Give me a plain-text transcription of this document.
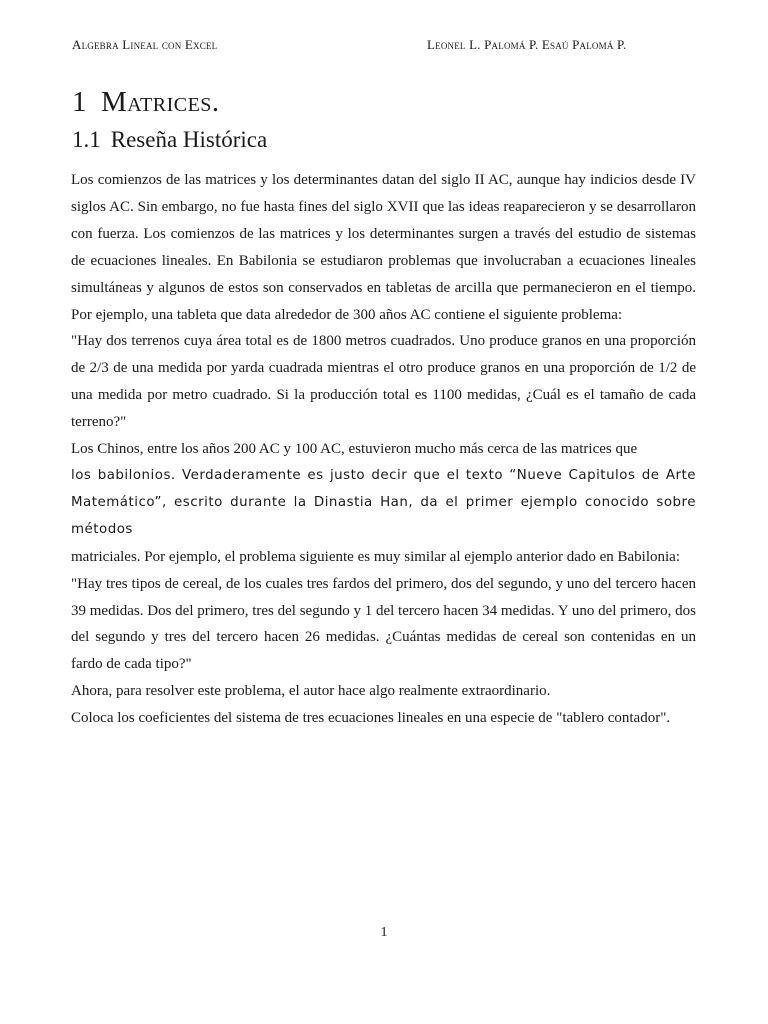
Algebra Lineal con Excel	Leonel L. Palomá P. Esaú Palomá P.
1 Matrices.
1.1 Reseña Histórica

Los comienzos de las matrices y los determinantes datan del siglo II AC, aunque hay indicios desde IV siglos AC. Sin embargo, no fue hasta fines del siglo XVII que las ideas reaparecieron y se desarrollaron con fuerza. Los comienzos de las matrices y los determinantes surgen a través del estudio de sistemas de ecuaciones lineales. En Babilonia se estudiaron problemas que involucraban a ecuaciones lineales simultáneas y algunos de estos son conservados en tabletas de arcilla que permanecieron en el tiempo. Por ejemplo, una tableta que data alrededor de 300 años AC contiene el siguiente problema:

"Hay dos terrenos cuya área total es de 1800 metros cuadrados. Uno produce granos en una proporción de 2/3 de una medida por yarda cuadrada mientras el otro produce granos en una proporción de 1/2 de una medida por metro cuadrado. Si la producción total es 1100 medidas, ¿Cuál es el tamaño de cada terreno?"

Los Chinos, entre los años 200 AC y 100 AC, estuvieron mucho más cerca de las matrices que

los babilonios. Verdaderamente es justo decir que el texto “Nueve Capitulos de Arte Matemático”, escrito durante la Dinastia Han, da el primer ejemplo conocido sobre métodos

matriciales. Por ejemplo, el problema siguiente es muy similar al ejemplo anterior dado en Babilonia:

"Hay tres tipos de cereal, de los cuales tres fardos del primero, dos del segundo, y uno del tercero hacen 39 medidas. Dos del primero, tres del segundo y 1 del tercero hacen 34 medidas. Y uno del primero, dos del segundo y tres del tercero hacen 26 medidas. ¿Cuántas medidas de cereal son contenidas en un fardo de cada tipo?"

Ahora, para resolver este problema, el autor hace algo realmente extraordinario.

Coloca los coeficientes del sistema de tres ecuaciones lineales en una especie de "tablero contador".

1
